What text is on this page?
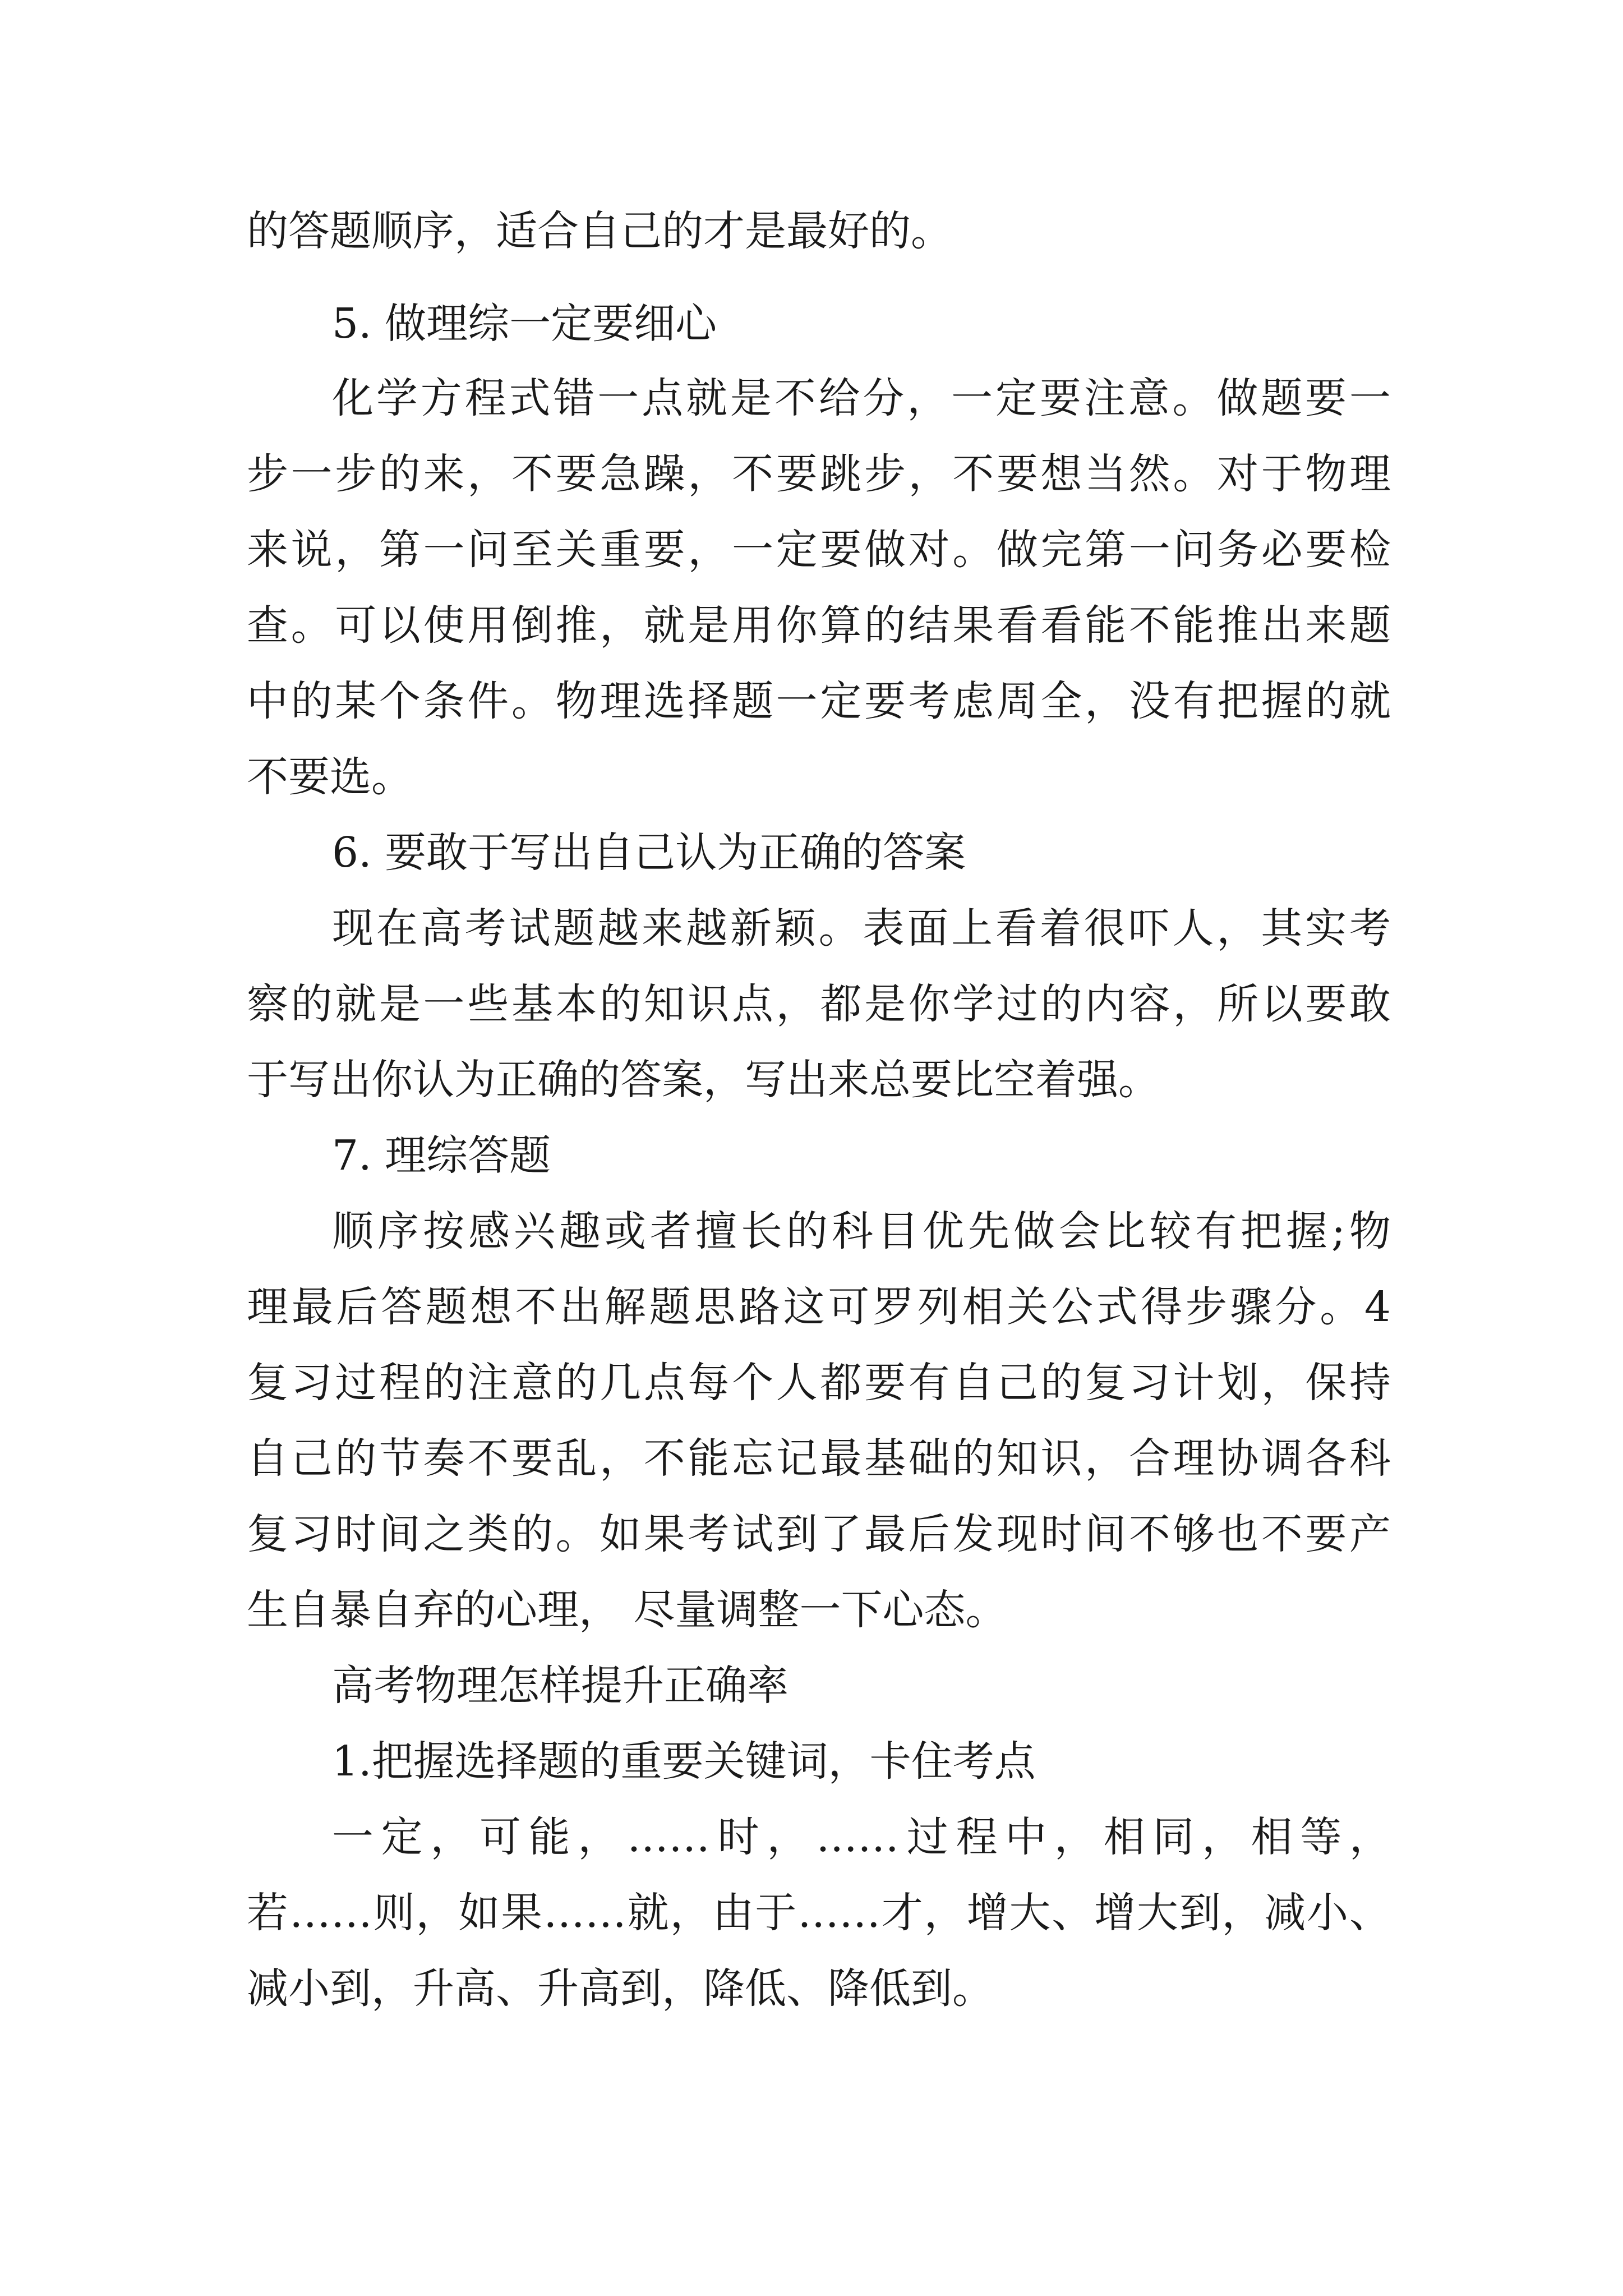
的答题顺序，适合自己的才是最好的。
5. 做理综一定要细心
化学方程式错一点就是不给分，一定要注意。做题要一
步一步的来，不要急躁，不要跳步，不要想当然。对于物理
来说，第一问至关重要，一定要做对。做完第一问务必要检
查。可以使用倒推，就是用你算的结果看看能不能推出来题
中的某个条件。物理选择题一定要考虑周全，没有把握的就
不要选。
6. 要敢于写出自己认为正确的答案
现在高考试题越来越新颖。表面上看着很吓人，其实考
察的就是一些基本的知识点，都是你学过的内容，所以要敢
于写出你认为正确的答案，写出来总要比空着强。
7. 理综答题
顺序按感兴趣或者擅长的科目优先做会比较有把握;物
理最后答题想不出解题思路这可罗列相关公式得步骤分。4
复习过程的注意的几点每个人都要有自己的复习计划，保持
自己的节奏不要乱，不能忘记最基础的知识，合理协调各科
复习时间之类的。如果考试到了最后发现时间不够也不要产
生自暴自弃的心理， 尽量调整一下心态。
高考物理怎样提升正确率
1.把握选择题的重要关键词，卡住考点
一定，可能，……时，……过程中，相同，相等，
若……则，如果……就，由于……才，增大、增大到，减小、
减小到，升高、升高到，降低、降低到。
